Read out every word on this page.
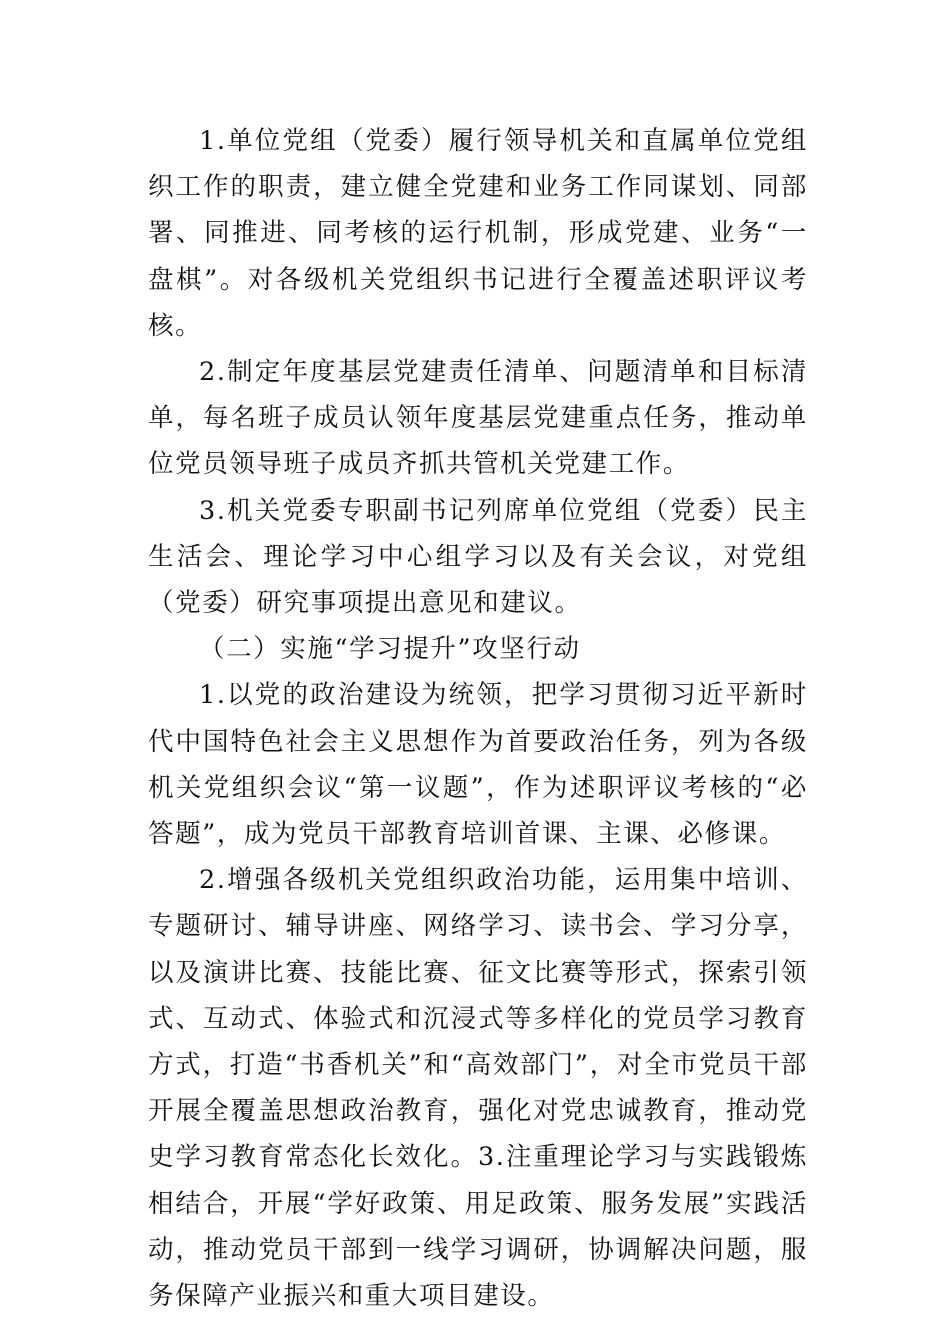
1.单位党组（党委）履行领导机关和直属单位党组织工作的职责，建立健全党建和业务工作同谋划、同部署、同推进、同考核的运行机制，形成党建、业务“一盘棋”。对各级机关党组织书记进行全覆盖述职评议考核。

2.制定年度基层党建责任清单、问题清单和目标清单，每名班子成员认领年度基层党建重点任务，推动单位党员领导班子成员齐抓共管机关党建工作。

3.机关党委专职副书记列席单位党组（党委）民主生活会、理论学习中心组学习以及有关会议，对党组（党委）研究事项提出意见和建议。

（二）实施“学习提升”攻坚行动

1.以党的政治建设为统领，把学习贯彻习近平新时代中国特色社会主义思想作为首要政治任务，列为各级机关党组织会议“第一议题”，作为述职评议考核的“必答题”，成为党员干部教育培训首课、主课、必修课。

2.增强各级机关党组织政治功能，运用集中培训、专题研讨、辅导讲座、网络学习、读书会、学习分享，以及演讲比赛、技能比赛、征文比赛等形式，探索引领式、互动式、体验式和沉浸式等多样化的党员学习教育方式，打造“书香机关”和“高效部门”，对全市党员干部开展全覆盖思想政治教育，强化对党忠诚教育，推动党史学习教育常态化长效化。3.注重理论学习与实践锻炼相结合，开展“学好政策、用足政策、服务发展”实践活动，推动党员干部到一线学习调研，协调解决问题，服务保障产业振兴和重大项目建设。
